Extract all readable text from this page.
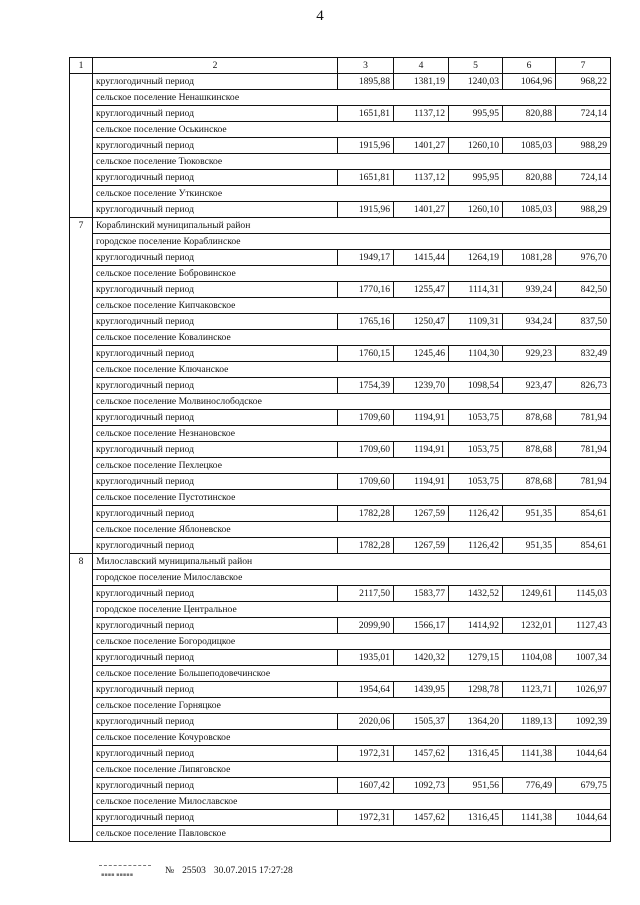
4
1	2	3	4	5	6	7
	круглогодичный период	1895,88	1381,19	1240,03	1064,96	968,22
	сельское поселение Ненашкинское					
	круглогодичный период	1651,81	1137,12	995,95	820,88	724,14
	сельское поселение Оськинское					
	круглогодичный период	1915,96	1401,27	1260,10	1085,03	988,29
	сельское поселение Тюковское					
	круглогодичный период	1651,81	1137,12	995,95	820,88	724,14
	сельское поселение Уткинское					
	круглогодичный период	1915,96	1401,27	1260,10	1085,03	988,29
7	Кораблинский муниципальный район					
	городское поселение Кораблинское					
	круглогодичный период	1949,17	1415,44	1264,19	1081,28	976,70
	сельское поселение Бобровинское					
	круглогодичный период	1770,16	1255,47	1114,31	939,24	842,50
	сельское поселение Кипчаковское					
	круглогодичный период	1765,16	1250,47	1109,31	934,24	837,50
	сельское поселение Ковалинское					
	круглогодичный период	1760,15	1245,46	1104,30	929,23	832,49
	сельское поселение Ключанское					
	круглогодичный период	1754,39	1239,70	1098,54	923,47	826,73
	сельское поселение Молвинослободское					
	круглогодичный период	1709,60	1194,91	1053,75	878,68	781,94
	сельское поселение Незнановское					
	круглогодичный период	1709,60	1194,91	1053,75	878,68	781,94
	сельское поселение Пехлецкое					
	круглогодичный период	1709,60	1194,91	1053,75	878,68	781,94
	сельское поселение Пустотинское					
	круглогодичный период	1782,28	1267,59	1126,42	951,35	854,61
	сельское поселение Яблоневское					
	круглогодичный период	1782,28	1267,59	1126,42	951,35	854,61
8	Милославский муниципальный район					
	городское поселение Милославское					
	круглогодичный период	2117,50	1583,77	1432,52	1249,61	1145,03
	городское поселение Центральное					
	круглогодичный период	2099,90	1566,17	1414,92	1232,01	1127,43
	сельское поселение Богородицкое					
	круглогодичный период	1935,01	1420,32	1279,15	1104,08	1007,34
	сельское поселение Большеподовечинское					
	круглогодичный период	1954,64	1439,95	1298,78	1123,71	1026,97
	сельское поселение Горняцкое					
	круглогодичный период	2020,06	1505,37	1364,20	1189,13	1092,39
	сельское поселение Кочуровское					
	круглогодичный период	1972,31	1457,62	1316,45	1141,38	1044,64
	сельское поселение Липяговское					
	круглогодичный период	1607,42	1092,73	951,56	776,49	679,75
	сельское поселение Милославское					
	круглогодичный период	1972,31	1457,62	1316,45	1141,38	1044,64
	сельское поселение Павловское					
▪▪▪▪ ▪▪▪▪▪	№ 25503 30.07.2015 17:27:28
